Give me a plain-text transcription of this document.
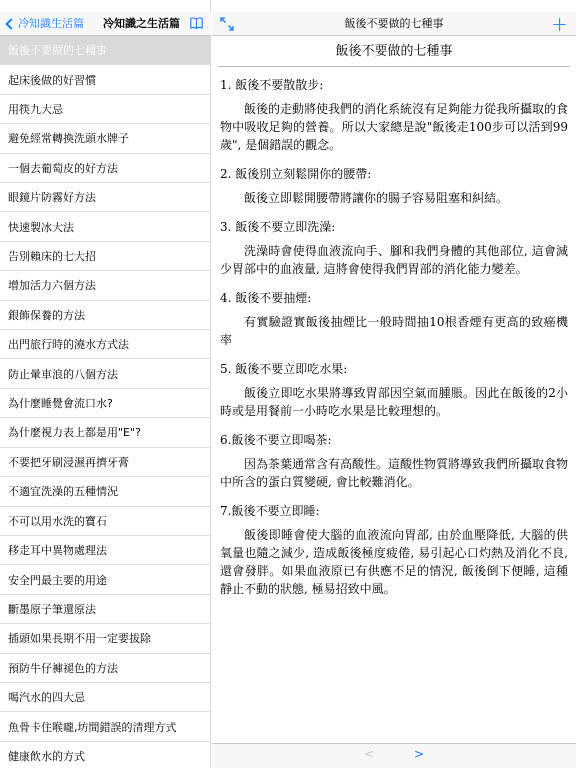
冷知識生活篇 冷知識之生活篇
飯後不要做的七種事
起床後做的好習慣
用筷九大忌
避免經常轉換洗頭水牌子
一個去葡萄皮的好方法
眼鏡片防霧好方法
快速製冰大法
告別賴床的七大招
增加活力六個方法
銀飾保養的方法
出門旅行時的澆水方式法
防止暈車浪的八個方法
為什麼睡覺會流口水?
為什麼視力表上都是用"E"?
不要把牙刷浸濕再擠牙膏
不適宜洗澡的五種情況
不可以用水洗的寶石
移走耳中異物處理法
安全門最主要的用途
斷墨原子筆還原法
插頭如果長期不用一定要拔除
預防牛仔褲褪色的方法
喝汽水的四大忌
魚骨卡住喉嚨,坊間錯誤的清理方式
健康飲水的方式
飯後不要做的七種事	+
飯後不要做的七種事
1. 飯後不要散散步:
飯後的走動將使我們的消化系統沒有足夠能力從我所攝取的食物中吸收足夠的營養。所以大家總是說"飯後走100步可以活到99歲", 是個錯誤的觀念。
2. 飯後別立刻鬆開你的腰帶:
飯後立即鬆開腰帶將讓你的腸子容易阻塞和糾結。
3. 飯後不要立即洗澡:
洗澡時會使得血液流向手、腳和我們身體的其他部位, 這會減少胃部中的血液量, 這將會使得我們胃部的消化能力變差。
4. 飯後不要抽煙:
有實驗證實飯後抽煙比一般時間抽10根香煙有更高的致癌機率
5. 飯後不要立即吃水果:
飯後立即吃水果將導致胃部因空氣而腫脹。因此在飯後的2小時或是用餐前一小時吃水果是比較理想的。
6.飯後不要立即喝茶:
因為茶葉通常含有高酸性。這酸性物質將導致我們所攝取食物中所含的蛋白質變硬, 會比較難消化。
7.飯後不要立即睡:
飯後即睡會使大腦的血液流向胃部, 由於血壓降低, 大腦的供氧量也隨之減少, 造成飯後極度疲倦, 易引起心口灼熱及消化不良, 還會發胖。如果血液原已有供應不足的情況, 飯後倒下便睡, 這種靜止不動的狀態, 極易招致中風。
<	>
